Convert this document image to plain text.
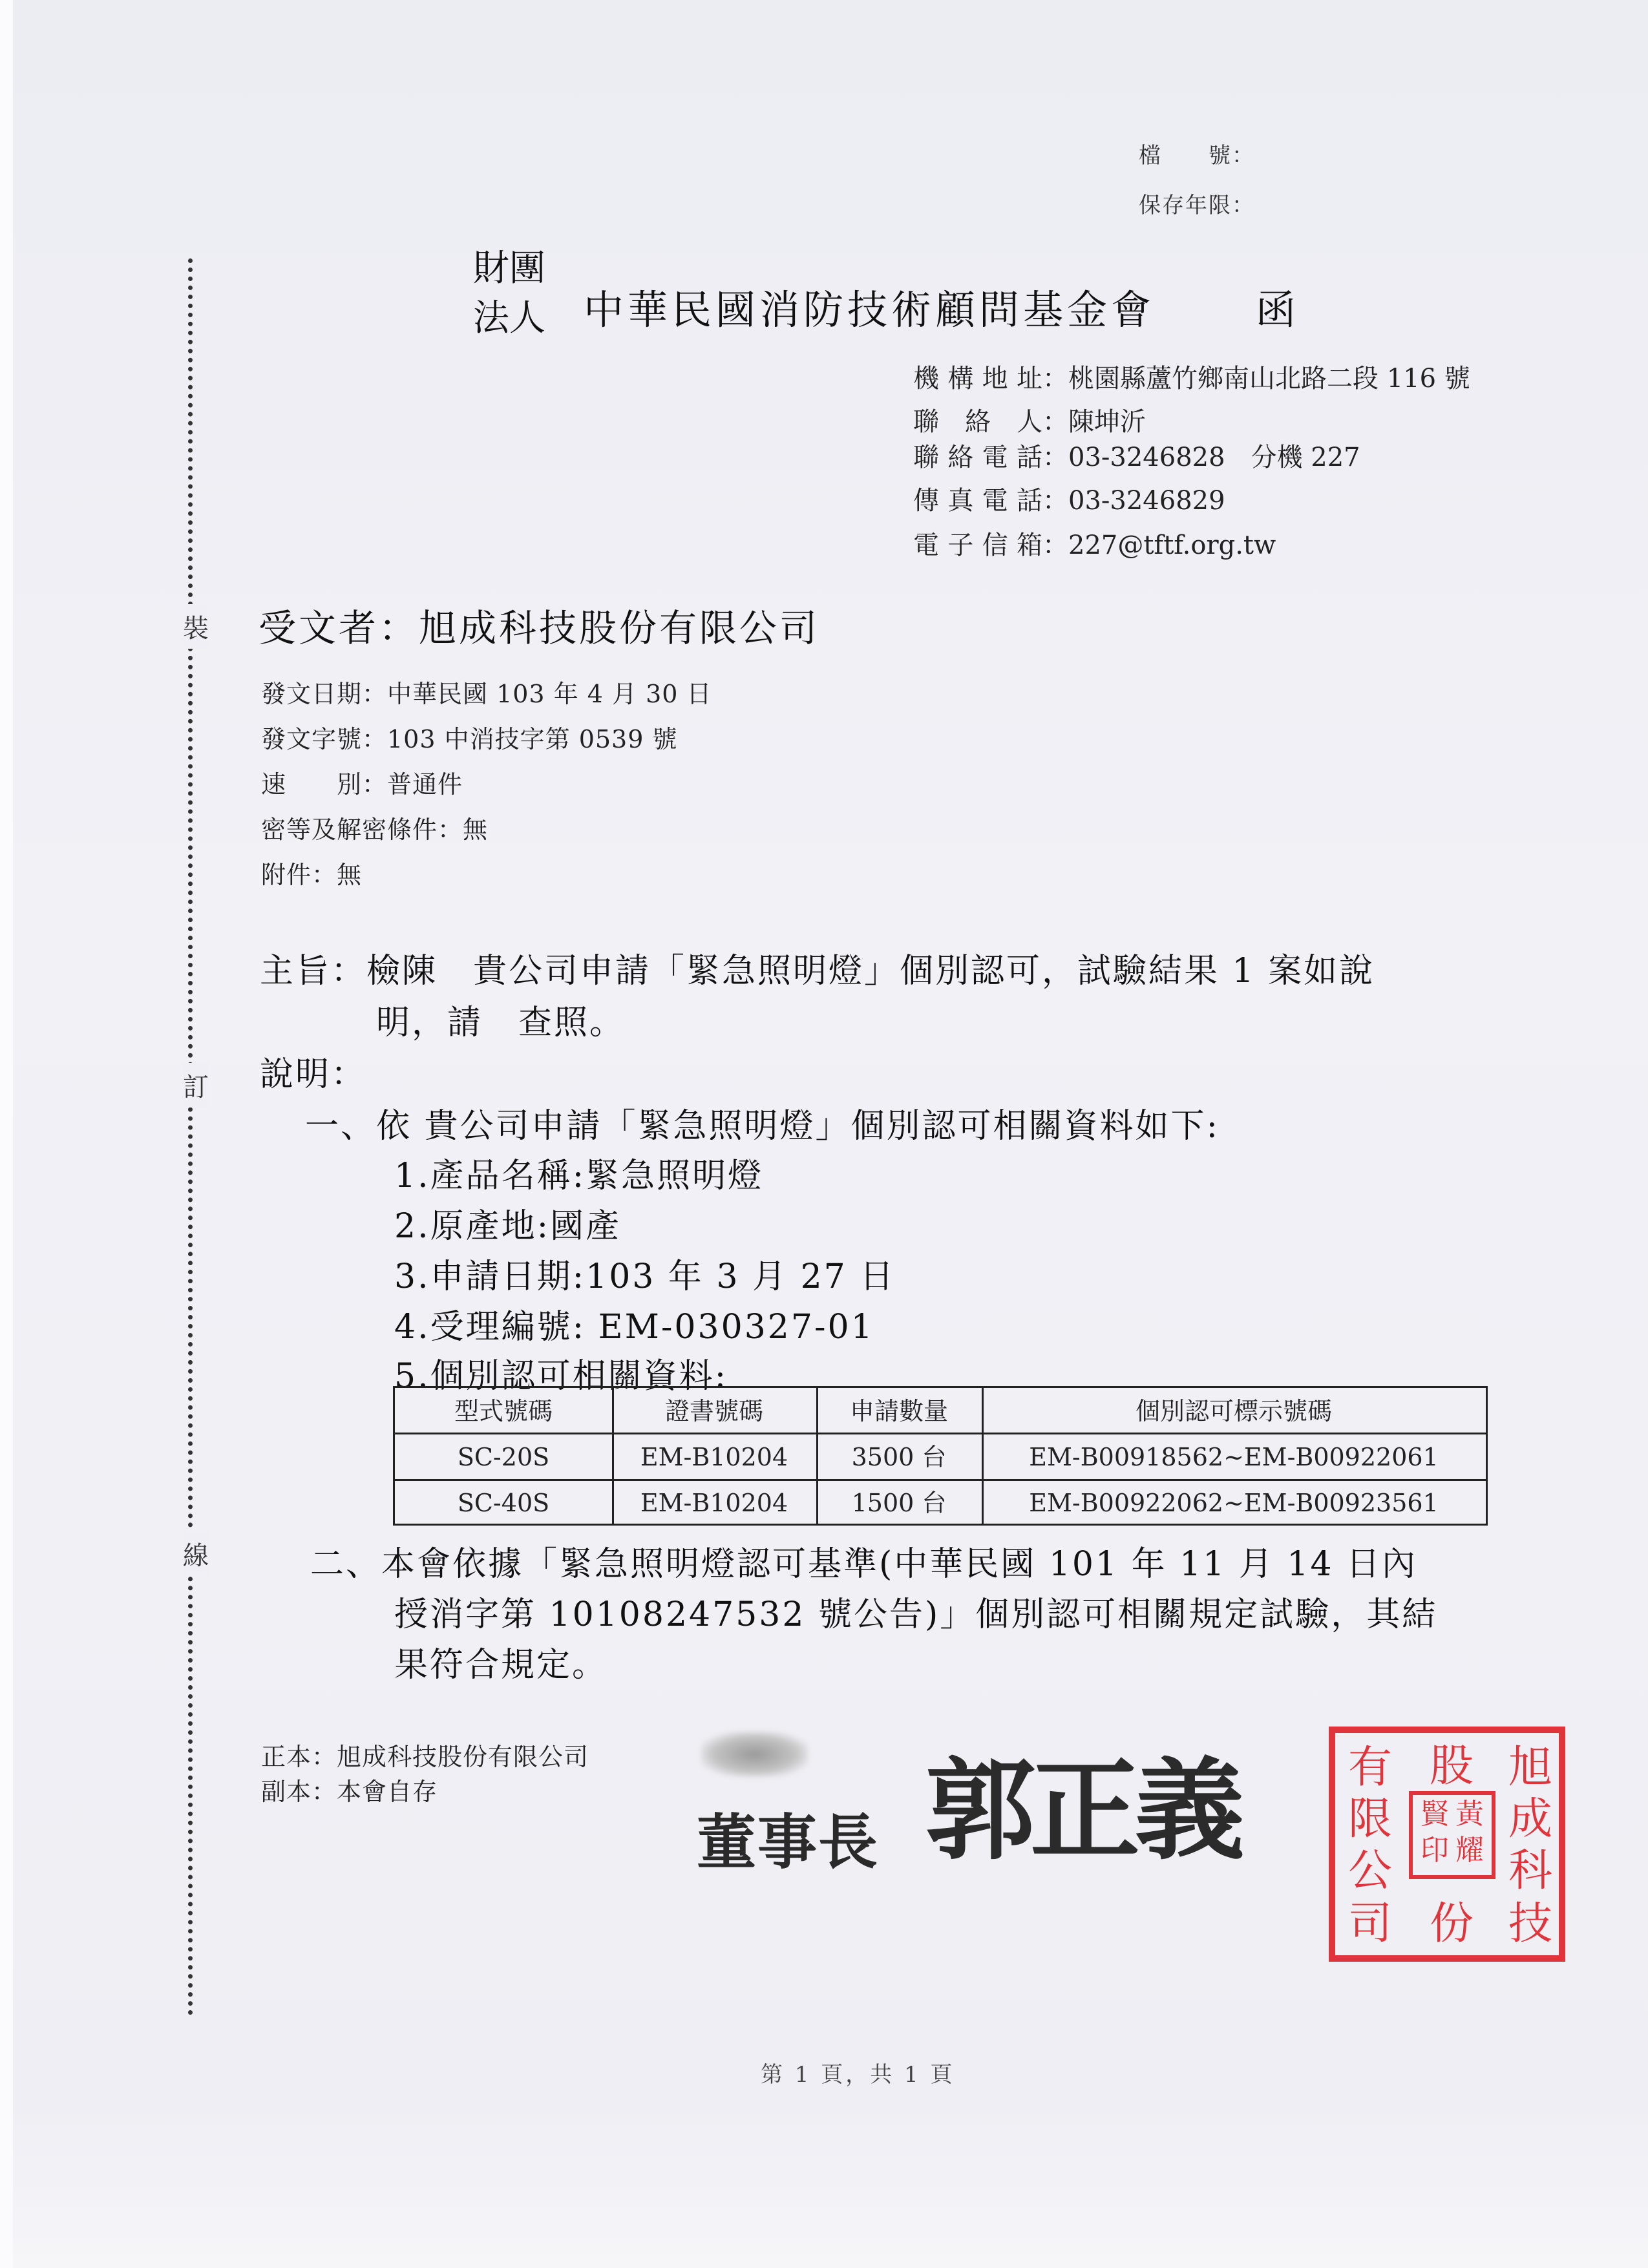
裝
訂
線
檔　　號：
保存年限：
財團
法人 中華民國消防技術顧問基金會	函
機構地址：桃園縣蘆竹鄉南山北路二段 116 號
聯 絡 人：陳坤沂
聯絡電話：03-3246828　分機 227
傳真電話：03-3246829
電子信箱：227@tftf.org.tw
受文者：旭成科技股份有限公司
發文日期：中華民國 103 年 4 月 30 日
發文字號：103 中消技字第 0539 號
速　　別：普通件
密等及解密條件：無
附件：無
主旨：檢陳　貴公司申請「緊急照明燈」個別認可，試驗結果 1 案如說
明，請　查照。
說明：
一、依 貴公司申請「緊急照明燈」個別認可相關資料如下:
1.產品名稱:緊急照明燈
2.原產地:國產
3.申請日期:103 年 3 月 27 日
4.受理編號: EM-030327-01
5.個別認可相關資料:
型式號碼	證書號碼	申請數量	個別認可標示號碼
SC-20S	EM-B10204	3500 台	EM-B00918562~EM-B00922061
SC-40S	EM-B10204	1500 台	EM-B00922062~EM-B00923561
二、本會依據「緊急照明燈認可基準(中華民國 101 年 11 月 14 日內
授消字第 10108247532 號公告)」個別認可相關規定試驗，其結
果符合規定。
正本：旭成科技股份有限公司
副本：本會自存
董事長 郭正義 有
限
公
司
股
份
旭
成
科
技
黃
耀
賢
印
第 1 頁，共 1 頁
